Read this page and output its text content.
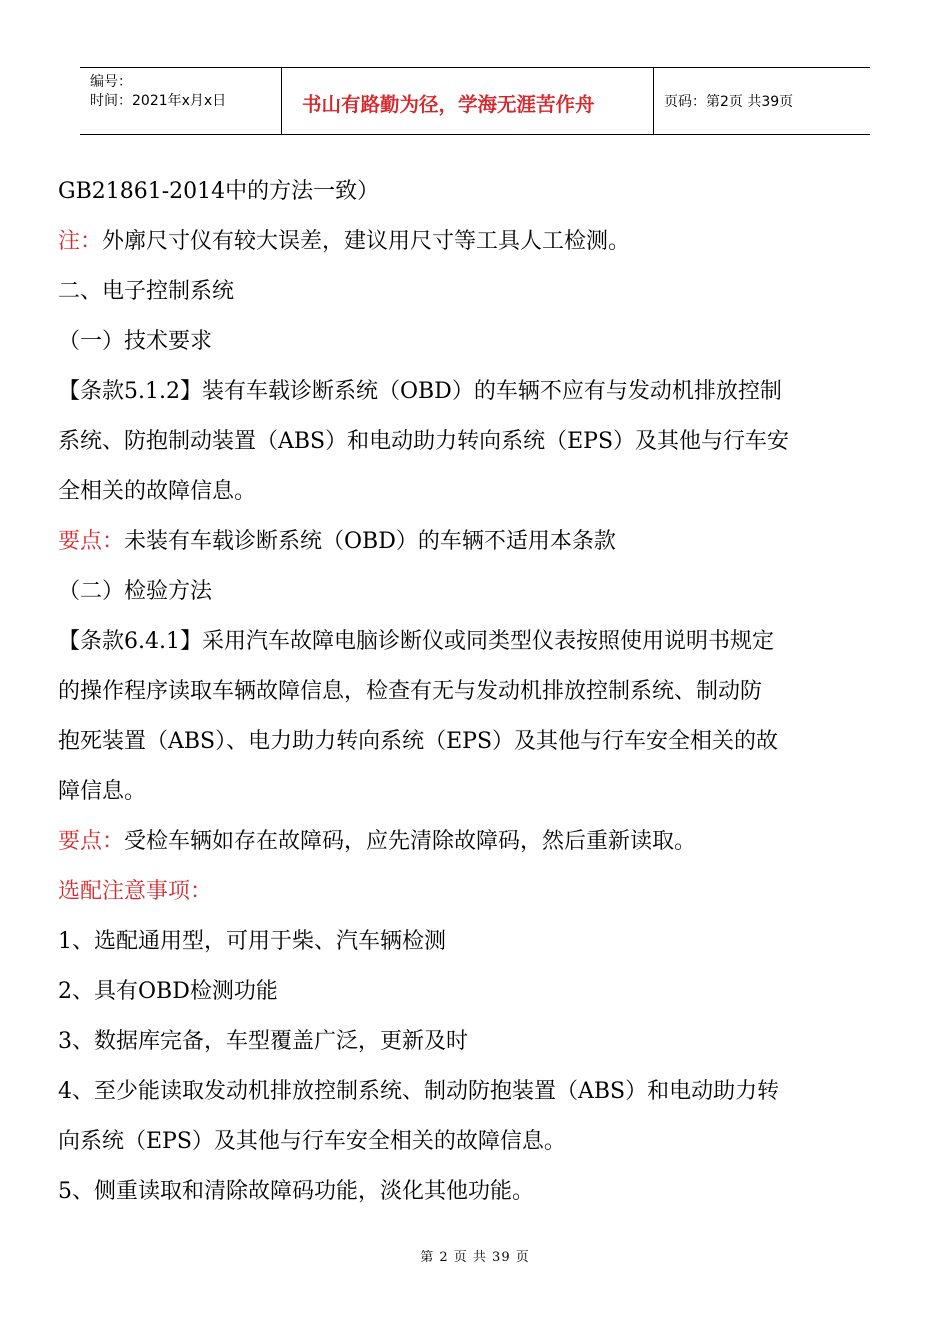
编号：
时间：2021年x月x日	书山有路勤为径，学海无涯苦作舟	页码：第2页 共39页
GB21861-2014中的方法一致）
注：外廓尺寸仪有较大误差，建议用尺寸等工具人工检测。
二、电子控制系统
（一）技术要求
【条款5.1.2】装有车载诊断系统（OBD）的车辆不应有与发动机排放控制
系统、防抱制动装置（ABS）和电动助力转向系统（EPS）及其他与行车安
全相关的故障信息。
要点：未装有车载诊断系统（OBD）的车辆不适用本条款
（二）检验方法
【条款6.4.1】采用汽车故障电脑诊断仪或同类型仪表按照使用说明书规定
的操作程序读取车辆故障信息，检查有无与发动机排放控制系统、制动防
抱死装置（ABS）、电力助力转向系统（EPS）及其他与行车安全相关的故
障信息。
要点：受检车辆如存在故障码，应先清除故障码，然后重新读取。
选配注意事项：
1、选配通用型，可用于柴、汽车辆检测
2、具有OBD检测功能
3、数据库完备，车型覆盖广泛，更新及时
4、至少能读取发动机排放控制系统、制动防抱装置（ABS）和电动助力转
向系统（EPS）及其他与行车安全相关的故障信息。
5、侧重读取和清除故障码功能，淡化其他功能。
第 2 页 共 39 页
